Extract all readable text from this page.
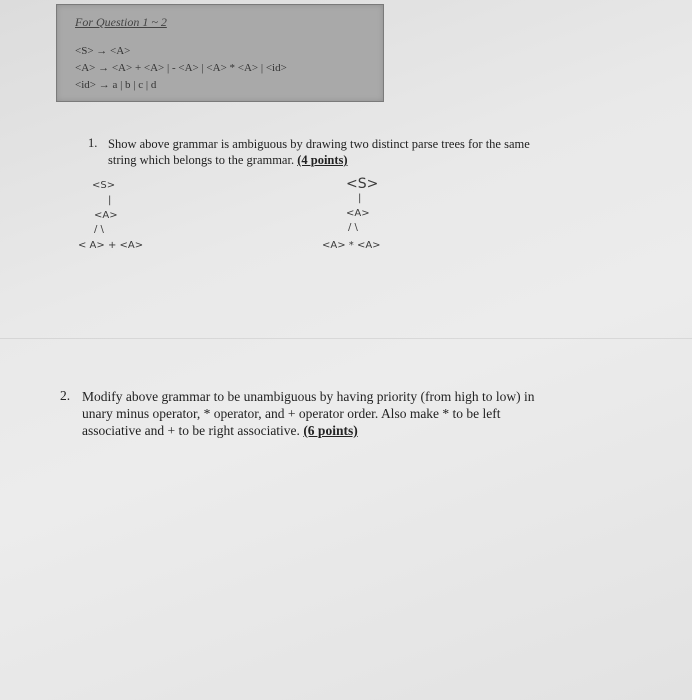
For Question 1 ~ 2
<S> → <A>
<A> → <A> + <A> | - <A> | <A> * <A> | <id>
<id> → a | b | c | d
1. Show above grammar is ambiguous by drawing two distinct parse trees for the same
string which belongs to the grammar. (4 points)
<S>
|
<A>
/ \
< A> + <A>
<S>
|
<A>
/ \
<A> * <A>
2. Modify above grammar to be unambiguous by having priority (from high to low) in
unary minus operator, * operator, and + operator order. Also make * to be left
associative and + to be right associative. (6 points)
